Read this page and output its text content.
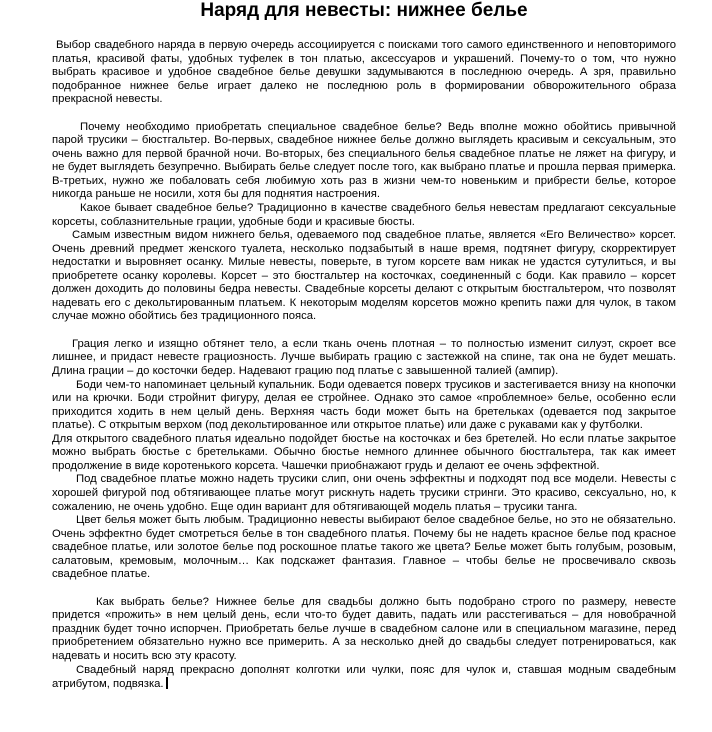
Наряд для невесты: нижнее белье

Выбор свадебного наряда в первую очередь ассоциируется с поисками того самого единственного и неповторимого платья, красивой фаты, удобных туфелек в тон платью, аксессуаров и украшений. Почему-то о том, что нужно выбрать красивое и удобное свадебное белье девушки задумываются в последнюю очередь. А зря, правильно подобранное нижнее белье играет далеко не последнюю роль в формировании обворожительного образа прекрасной невесты.

Почему необходимо приобретать специальное свадебное белье? Ведь вполне можно обойтись привычной парой трусики – бюстгальтер. Во-первых, свадебное нижнее белье должно выглядеть красивым и сексуальным, это очень важно для первой брачной ночи. Во-вторых, без специального белья свадебное платье не ляжет на фигуру, и не будет выглядеть безупречно. Выбирать белье следует после того, как выбрано платье и прошла первая примерка. В-третьих, нужно же побаловать себя любимую хоть раз в жизни чем-то новеньким и прибрести белье, которое никогда раньше не носили, хотя бы для поднятия настроения.

Какое бывает свадебное белье? Традиционно в качестве свадебного белья невестам предлагают сексуальные корсеты, соблазнительные грации, удобные боди и красивые бюсты.

Самым известным видом нижнего белья, одеваемого под свадебное платье, является «Его Величество» корсет. Очень древний предмет женского туалета, несколько подзабытый в наше время, подтянет фигуру, скорректирует недостатки и выровняет осанку. Милые невесты, поверьте, в тугом корсете вам никак не удастся сутулиться, и вы приобретете осанку королевы. Корсет – это бюстгальтер на косточках, соединенный с боди. Как правило – корсет должен доходить до половины бедра невесты. Свадебные корсеты делают с открытым бюстгальтером, что позволят надевать его с декольтированным платьем. К некоторым моделям корсетов можно крепить пажи для чулок, в таком случае можно обойтись без традиционного пояса.

Грация легко и изящно обтянет тело, а если ткань очень плотная – то полностью изменит силуэт, скроет все лишнее, и придаст невесте грациозность. Лучше выбирать грацию с застежкой на спине, так она не будет мешать. Длина грации – до косточки бедер. Надевают грацию под платье с завышенной талией (ампир).

Боди чем-то напоминает цельный купальник. Боди одевается поверх трусиков и застегивается внизу на кнопочки или на крючки. Боди стройнит фигуру, делая ее стройнее. Однако это самое «проблемное» белье, особенно если приходится ходить в нем целый день. Верхняя часть боди может быть на бретельках (одевается под закрытое платье). С открытым верхом (под декольтированное или открытое платье) или даже с рукавами как у футболки.

Для открытого свадебного платья идеально подойдет бюстье на косточках и без бретелей. Но если платье закрытое можно выбрать бюстье с бретельками. Обычно бюстье немного длиннее обычного бюстгальтера, так как имеет продолжение в виде коротенького корсета. Чашечки приобнажают грудь и делают ее очень эффектной.

Под свадебное платье можно надеть трусики слип, они очень эффектны и подходят под все модели. Невесты с хорошей фигурой под обтягивающее платье могут рискнуть надеть трусики стринги. Это красиво, сексуально, но, к сожалению, не очень удобно. Еще один вариант для обтягивающей модель платья – трусики танга.

Цвет белья может быть любым. Традиционно невесты выбирают белое свадебное белье, но это не обязательно. Очень эффектно будет смотреться белье в тон свадебного платья. Почему бы не надеть красное белье под красное свадебное платье, или золотое белье под роскошное платье такого же цвета? Белье может быть голубым, розовым, салатовым, кремовым, молочным… Как подскажет фантазия. Главное – чтобы белье не просвечивало сквозь свадебное платье.

Как выбрать белье? Нижнее белье для свадьбы должно быть подобрано строго по размеру, невесте придется «прожить» в нем целый день, если что-то будет давить, падать или расстегиваться – для новобрачной праздник будет точно испорчен. Приобретать белье лучше в свадебном салоне или в специальном магазине, перед приобретением обязательно нужно все примерить. А за несколько дней до свадьбы следует потренироваться, как надевать и носить всю эту красоту.

Свадебный наряд прекрасно дополнят колготки или чулки, пояс для чулок и, ставшая модным свадебным атрибутом, подвязка.
